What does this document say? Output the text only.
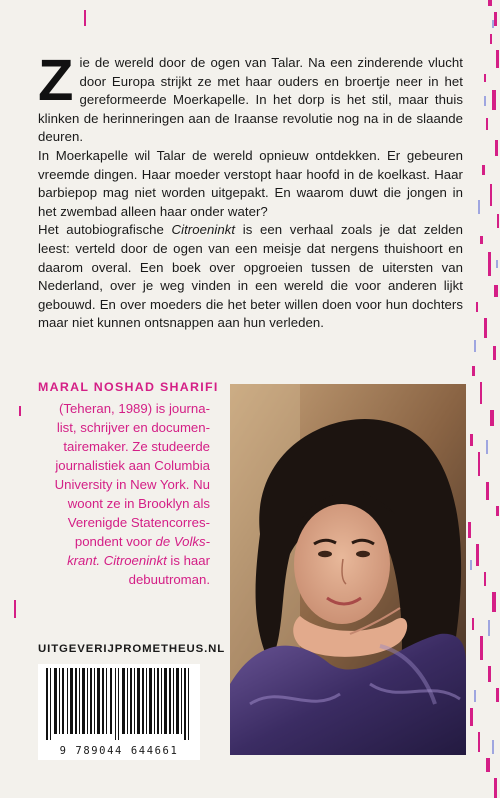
Zie de wereld door de ogen van Talar. Na een zinderende vlucht door Europa strijkt ze met haar ouders en broertje neer in het gereformeerde Moerkapelle. In het dorp is het stil, maar thuis klinken de herinneringen aan de Iraanse revolutie nog na in de slaande deuren.

In Moerkapelle wil Talar de wereld opnieuw ontdekken. Er gebeuren vreemde dingen. Haar moeder verstopt haar hoofd in de koelkast. Haar barbiepop mag niet worden uitgepakt. En waarom duwt die jongen in het zwembad alleen haar onder water?

Het autobiografische Citroeninkt is een verhaal zoals je dat zelden leest: verteld door de ogen van een meisje dat nergens thuishoort en daarom overal. Een boek over opgroeien tussen de uitersten van Nederland, over je weg vinden in een wereld die voor anderen lijkt gebouwd. En over moeders die het beter willen doen voor hun dochters maar niet kunnen ontsnappen aan hun verleden.

MARAL NOSHAD SHARIFI
(Teheran, 1989) is journa-
list, schrijver en documen-
tairemaker. Ze studeerde
journalistiek aan Columbia
University in New York. Nu
woont ze in Brooklyn als
Verenigde Statencorres-
pondent voor de Volks-
krant. Citroeninkt is haar
debuutroman.
UITGEVERIJPROMETHEUS.NL
9 789044 644661
